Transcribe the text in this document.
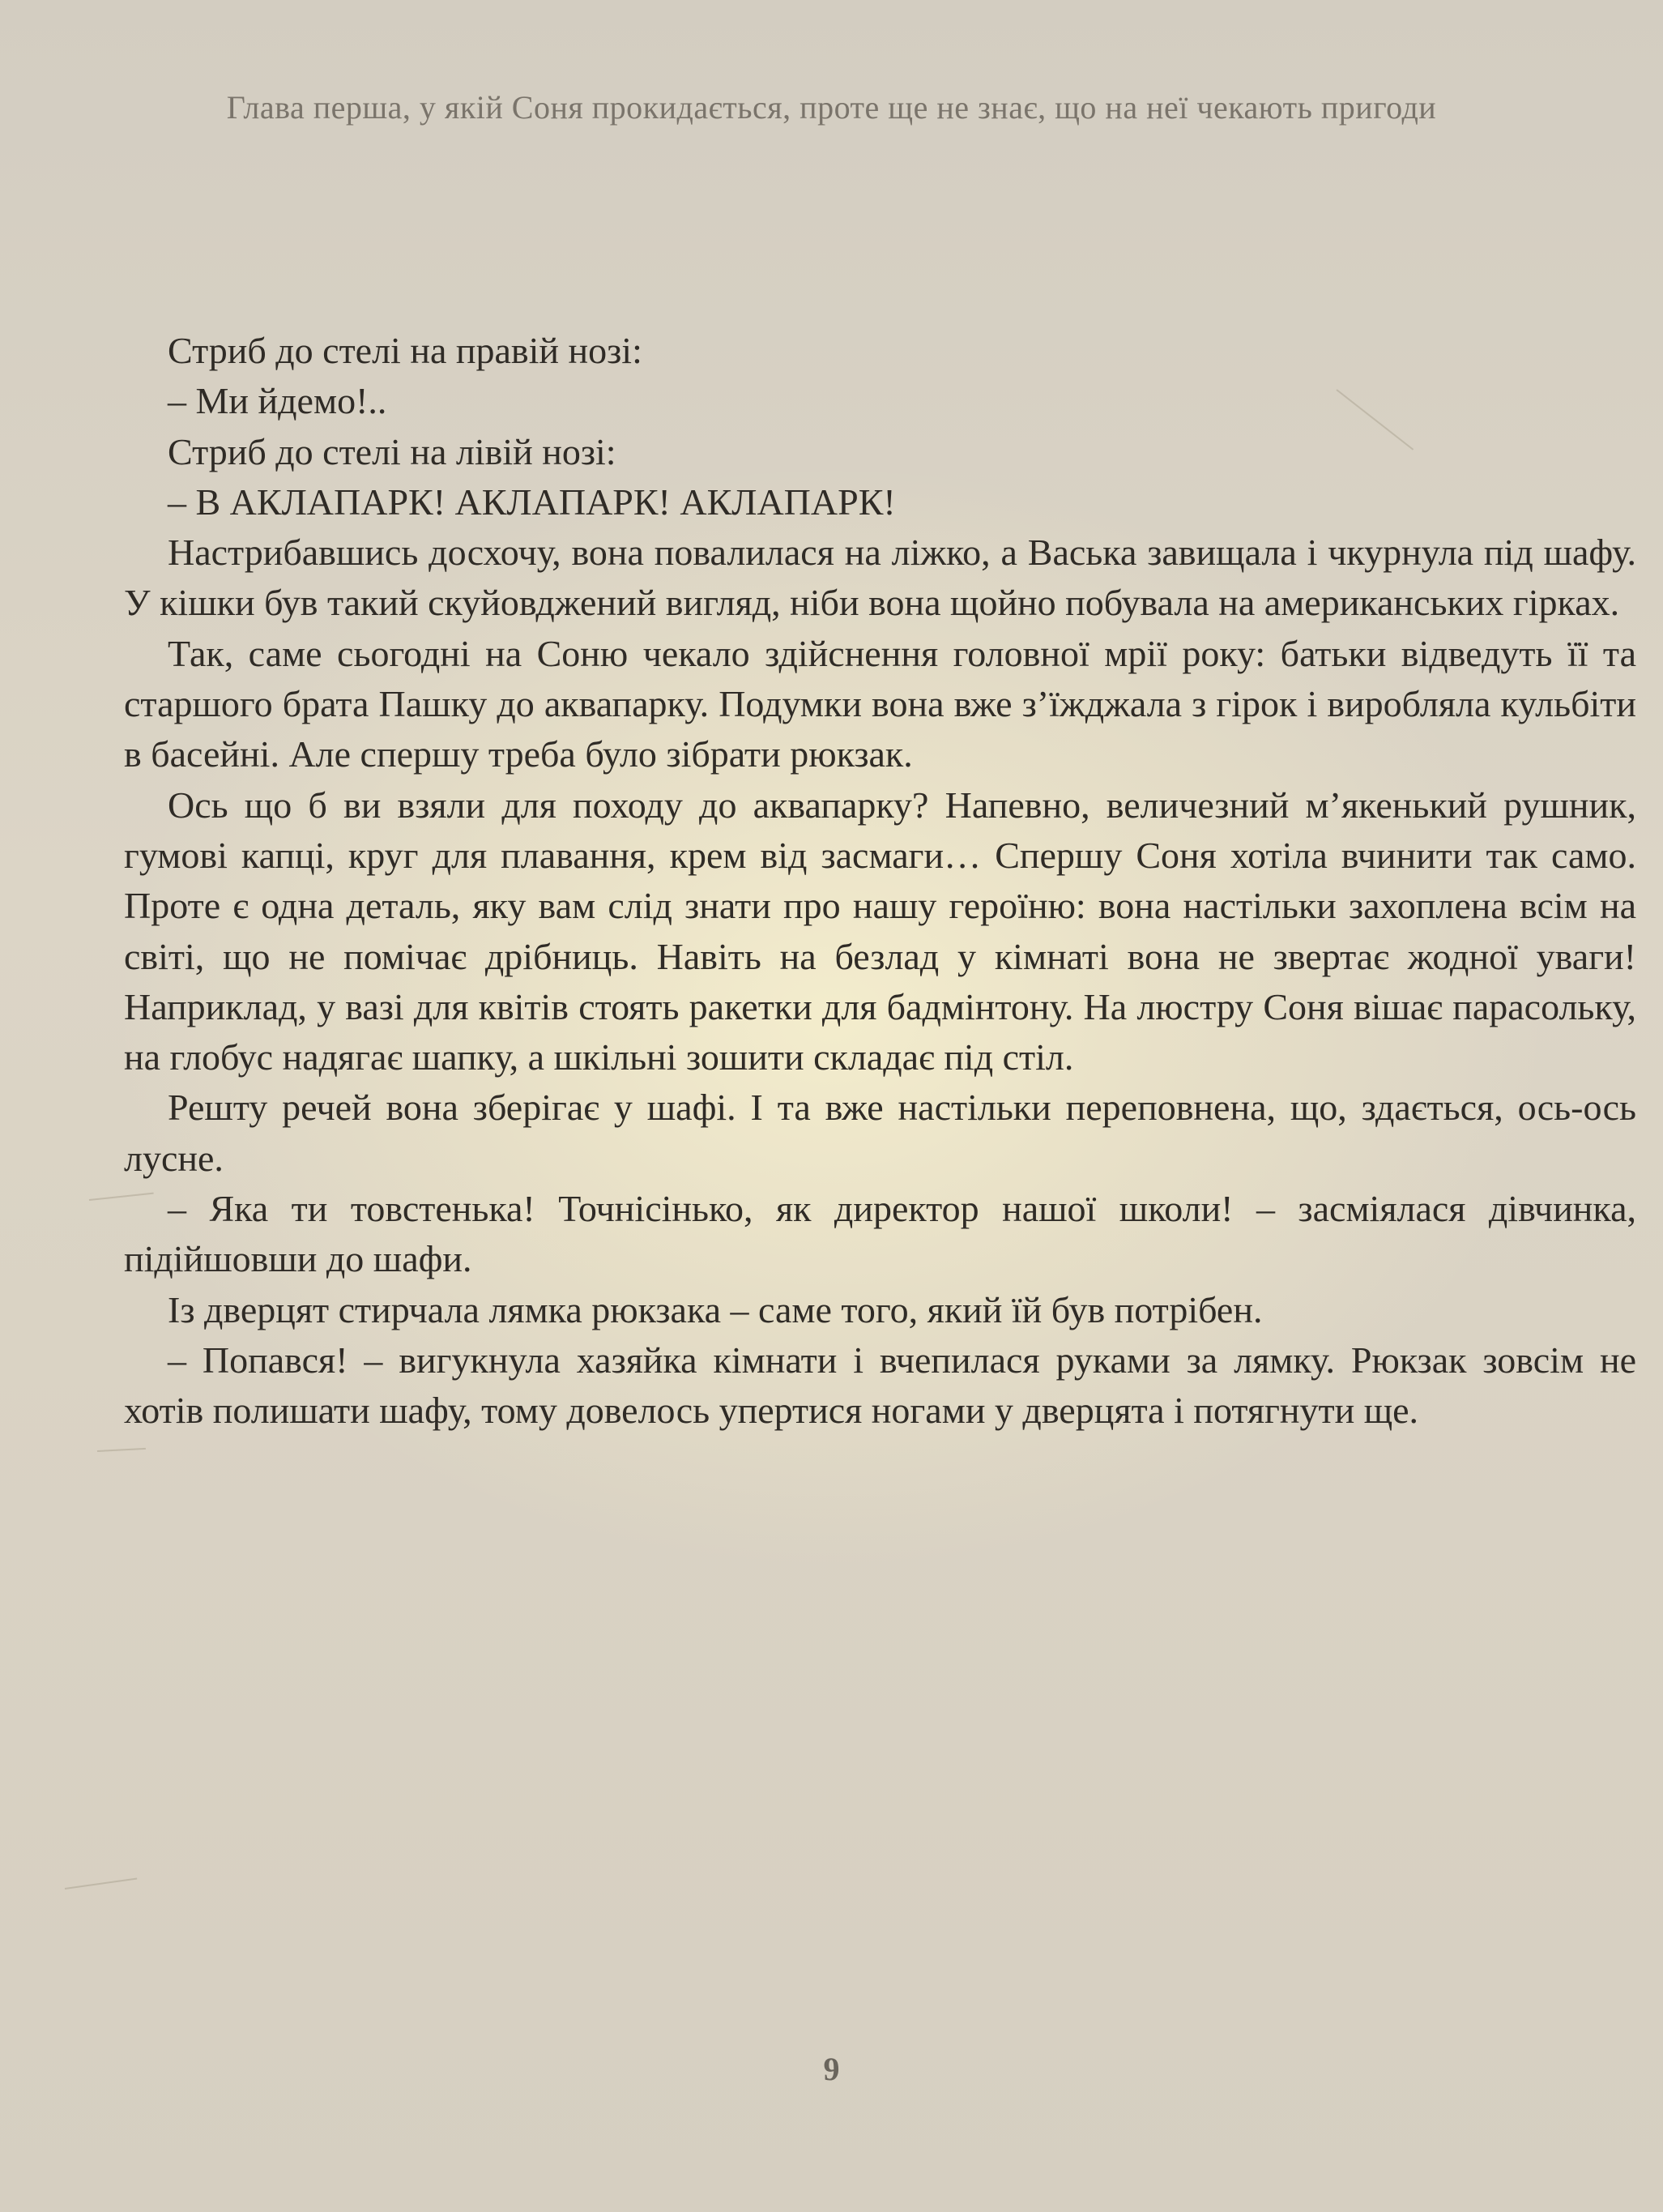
Глава перша, у якій Соня прокидається, проте ще не знає, що на неї чекають пригоди

Стриб до стелі на правій нозі:

– Ми йдемо!..

Стриб до стелі на лівій нозі:

– В АКЛАПАРК! АКЛАПАРК! АКЛАПАРК!

Настрибавшись досхочу, вона повалилася на ліжко, а Васька завищала і чкурнула під шафу. У кішки був такий скуйовджений вигляд, ніби вона щойно побувала на американських гірках.

Так, саме сьогодні на Соню чекало здійснення головної мрії року: батьки відведуть її та старшого брата Пашку до аквапарку. Подумки вона вже з’їжджала з гірок і виробляла кульбіти в басейні. Але спершу треба було зібрати рюкзак.

Ось що б ви взяли для походу до аквапарку? Напевно, величезний м’якенький рушник, гумові капці, круг для плавання, крем від засмаги… Спершу Соня хотіла вчинити так само. Проте є одна деталь, яку вам слід знати про нашу героїню: вона настільки захоплена всім на світі, що не помічає дрібниць. Навіть на безлад у кімнаті вона не звертає жодної уваги! Наприклад, у вазі для квітів стоять ракетки для бадмінтону. На люстру Соня вішає парасольку, на глобус надягає шапку, а шкільні зошити складає під стіл.

Решту речей вона зберігає у шафі. І та вже настільки переповнена, що, здається, ось-ось лусне.

– Яка ти товстенька! Точнісінько, як директор нашої школи! – засміялася дівчинка, підійшовши до шафи.

Із дверцят стирчала лямка рюкзака – саме того, який їй був потрібен.

– Попався! – вигукнула хазяйка кімнати і вчепилася руками за лямку. Рюкзак зовсім не хотів полишати шафу, тому довелось упертися ногами у дверцята і потягнути ще.

9
